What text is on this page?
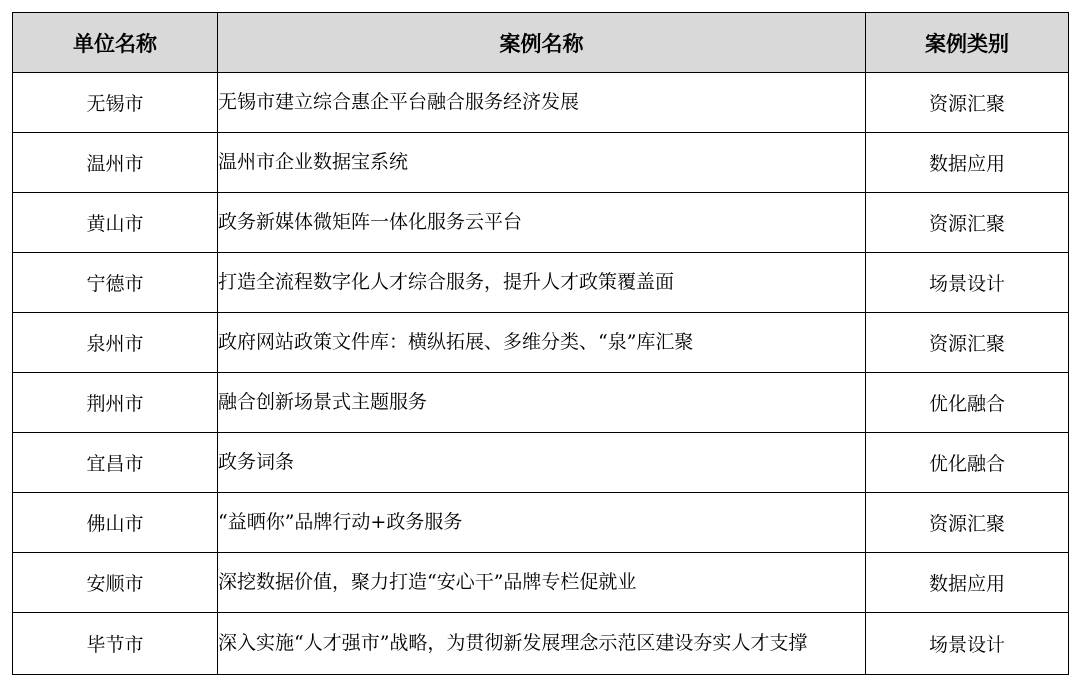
单位名称	案例名称	案例类别
无锡市	无锡市建立综合惠企平台融合服务经济发展	资源汇聚
温州市	温州市企业数据宝系统	数据应用
黄山市	政务新媒体微矩阵一体化服务云平台	资源汇聚
宁德市	打造全流程数字化人才综合服务，提升人才政策覆盖面	场景设计
泉州市	政府网站政策文件库：横纵拓展、多维分类、“泉”库汇聚	资源汇聚
荆州市	融合创新场景式主题服务	优化融合
宜昌市	政务词条	优化融合
佛山市	“益晒你”品牌行动+政务服务	资源汇聚
安顺市	深挖数据价值，聚力打造“安心干”品牌专栏促就业	数据应用
毕节市	深入实施“人才强市”战略，为贯彻新发展理念示范区建设夯实人才支撑	场景设计
